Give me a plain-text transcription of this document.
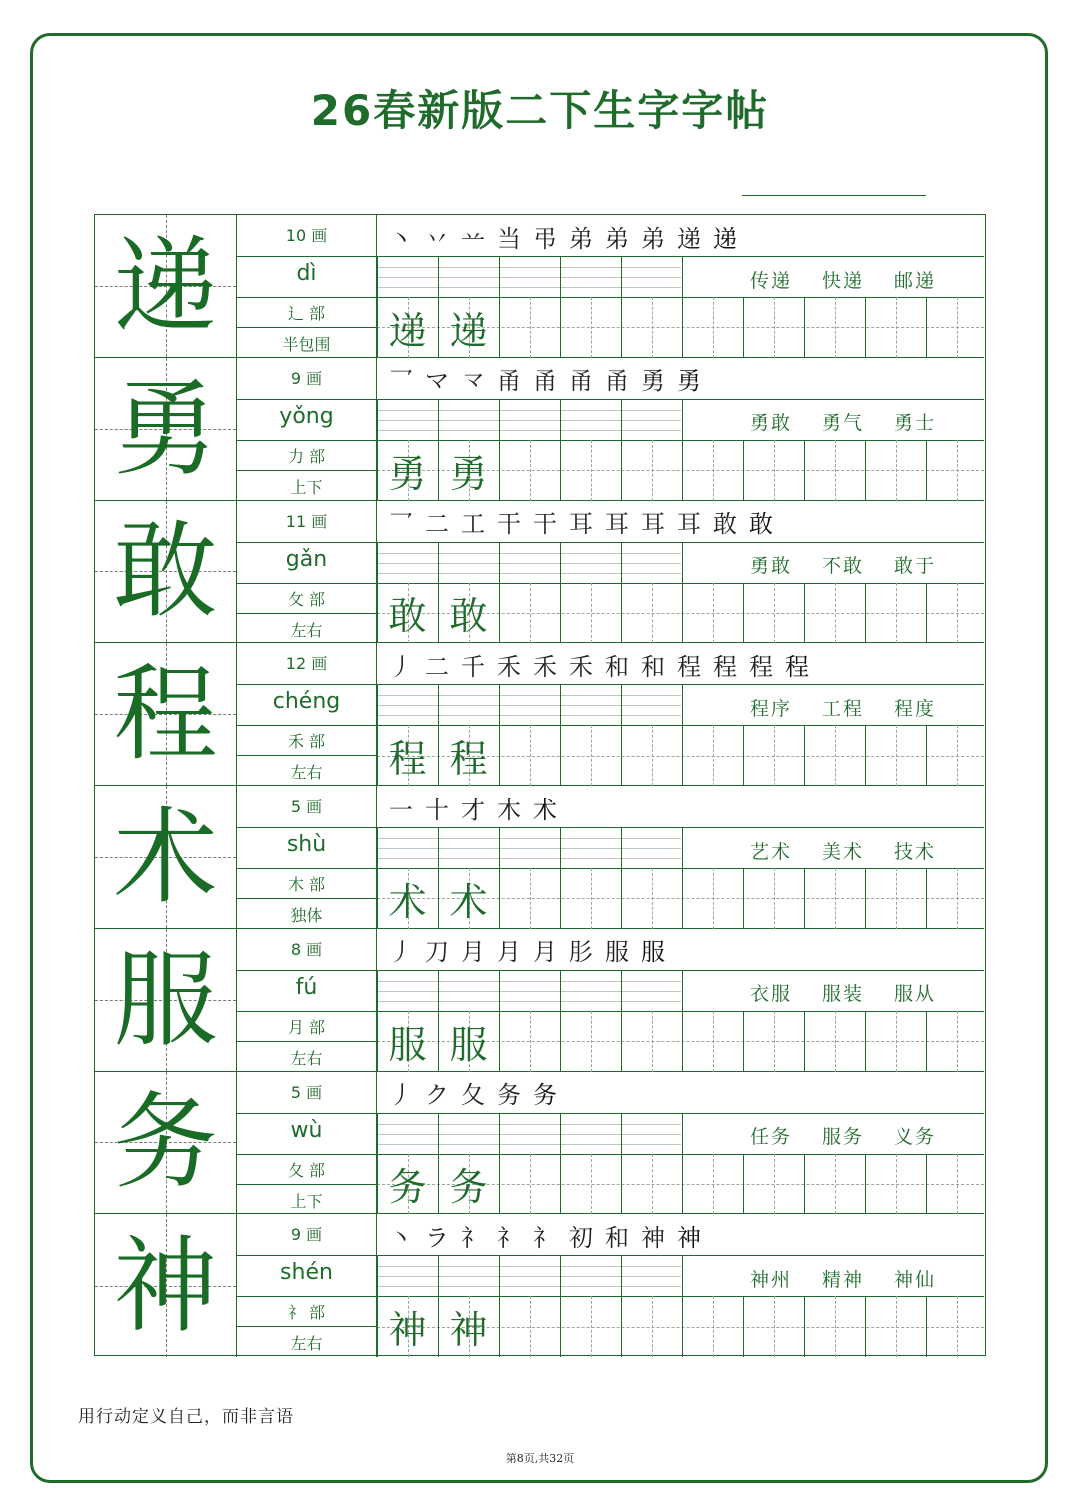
26春新版二下生字字帖
递	10 画
dì
辶 部
半包围
丶 丷 䒑 当 弔 弟 弟 弟 递 递
传递	快递	邮递
递 递
勇	9 画
yǒng
力 部
上下
乛 マ 龴 甬 甬 甬 甬 勇 勇
勇敢	勇气	勇士
勇 勇
敢	11 画
gǎn
攵 部
左右
乛 二 工 干 干 耳 耳 耳 耳 敢 敢
勇敢	不敢	敢于
敢 敢
程	12 画
chéng
禾 部
左右
丿 二 千 禾 禾 禾 和 和 程 程 程 程
程序	工程	程度
程 程
术	5 画
shù
木 部
独体
一 十 才 木 术
艺术	美术	技术
术 术
服	8 画
fú
月 部
左右
丿 刀 月 月 月 肜 服 服
衣服	服装	服从
服 服
务	5 画
wù
夂 部
上下
丿 ク 夂 务 务
任务	服务	义务
务 务
神	9 画
shén
礻 部
左右
丶 ラ 礻 礻 礻 初 和 神 神
神州	精神	神仙
神 神
用行动定义自己，而非言语
第8页,共32页
